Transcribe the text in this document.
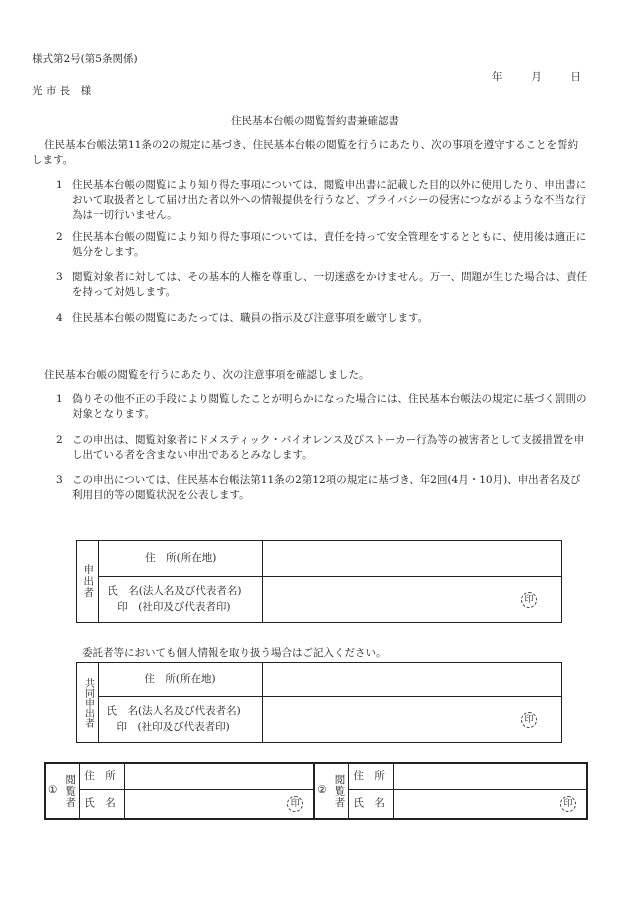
様式第2号(第5条関係)
年	月	日
光 市 長　様
住民基本台帳の閲覧誓約書兼確認書
住民基本台帳法第11条の2の規定に基づき、住民基本台帳の閲覧を行うにあたり、次の事項を遵守することを誓約します。
1 住民基本台帳の閲覧により知り得た事項については、閲覧申出書に記載した目的以外に使用したり、申出書において取扱者として届け出た者以外への情報提供を行うなど、プライバシーの侵害につながるような不当な行為は一切行いません。
2 住民基本台帳の閲覧により知り得た事項については、責任を持って安全管理をするとともに、使用後は適正に処分をします。
3 閲覧対象者に対しては、その基本的人権を尊重し、一切迷惑をかけません。万一、問題が生じた場合は、責任を持って対処します。
4 住民基本台帳の閲覧にあたっては、職員の指示及び注意事項を厳守します。
住民基本台帳の閲覧を行うにあたり、次の注意事項を確認しました。
1 偽りその他不正の手段により閲覧したことが明らかになった場合には、住民基本台帳法の規定に基づく罰則の対象となります。
2 この申出は、閲覧対象者にドメスティック・バイオレンス及びストーカー行為等の被害者として支援措置を申し出ている者を含まない申出であるとみなします。
3 この申出については、住民基本台帳法第11条の2第12項の規定に基づき、年2回(4月・10月)、申出者名及び利用目的等の閲覧状況を公表します。
申出者	住　所(所在地)	

	氏　名(法人名及び代表者名)
印　(社印及び代表者印)	印
委託者等においても個人情報を取り扱う場合はご記入ください。
共同申出者	住　所(所在地)	

	氏　名(法人名及び代表者名)
印　(社印及び代表者印)	印
①	閲覧者	住　所		②	閲覧者	住　所	
		氏　名	印			氏　名	印
